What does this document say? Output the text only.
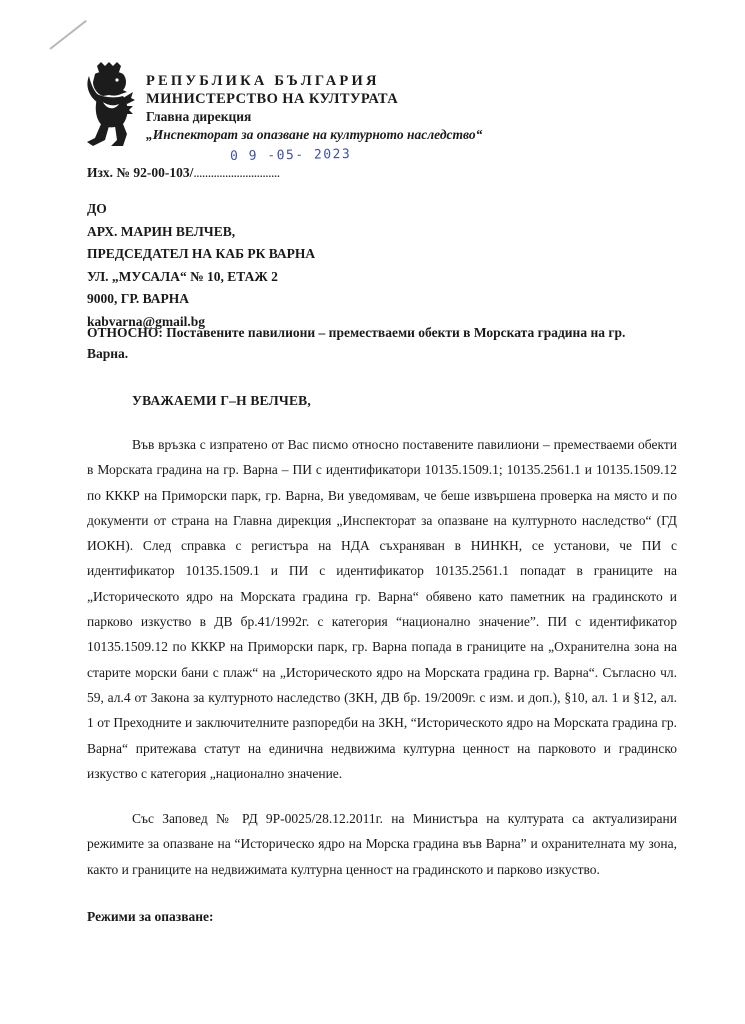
РЕПУБЛИКА БЪЛГАРИЯ
МИНИСТЕРСТВО НА КУЛТУРАТА
Главна дирекция
„Инспекторат за опазване на културното наследство“
Изх. № 92-00-103/..............................
0 9 -05- 2023
ДО
АРХ. МАРИН ВЕЛЧЕВ,
ПРЕДСЕДАТЕЛ НА КАБ РК ВАРНА
УЛ. „МУСАЛА“ № 10, ЕТАЖ 2
9000, ГР. ВАРНА
kabvarna@gmail.bg
ОТНОСНО: Поставените павилиони – преместваеми обекти в Морската градина на гр. Варна.
УВАЖАЕМИ Г–Н ВЕЛЧЕВ,
Във връзка с изпратено от Вас писмо относно поставените павилиони – преместваеми обекти в Морската градина на гр. Варна – ПИ с идентификатори 10135.1509.1; 10135.2561.1 и 10135.1509.12 по КККР на Приморски парк, гр. Варна, Ви уведомявам, че беше извършена проверка на място и по документи от страна на Главна дирекция „Инспекторат за опазване на културното наследство“ (ГД ИОКН). След справка с регистъра на НДА съхраняван в НИНКН, се установи, че ПИ с идентификатор 10135.1509.1 и ПИ с идентификатор 10135.2561.1 попадат в границите на „Историческото ядро на Морската градина гр. Варна“ обявено като паметник на градинското и парково изкуство в ДВ бр.41/1992г. с категория “национално значение”. ПИ с идентификатор 10135.1509.12 по КККР на Приморски парк, гр. Варна попада в границите на „Охранителна зона на старите морски бани с плаж“ на „Историческото ядро на Морската градина гр. Варна“. Съгласно чл. 59, ал.4 от Закона за културното наследство (ЗКН, ДВ бр. 19/2009г. с изм. и доп.), §10, ал. 1 и §12, ал. 1 от Преходните и заключителните разпоредби на ЗКН, “Историческото ядро на Морската градина гр. Варна“ притежава статут на единична недвижима културна ценност на парковото и градинско изкуство с категория „национално значение.
Със Заповед № РД 9Р-0025/28.12.2011г. на Министъра на културата са актуализирани режимите за опазване на “Историческо ядро на Морска градина във Варна” и охранителната му зона, както и границите на недвижимата културна ценност на градинското и парково изкуство.
Режими за опазване:
